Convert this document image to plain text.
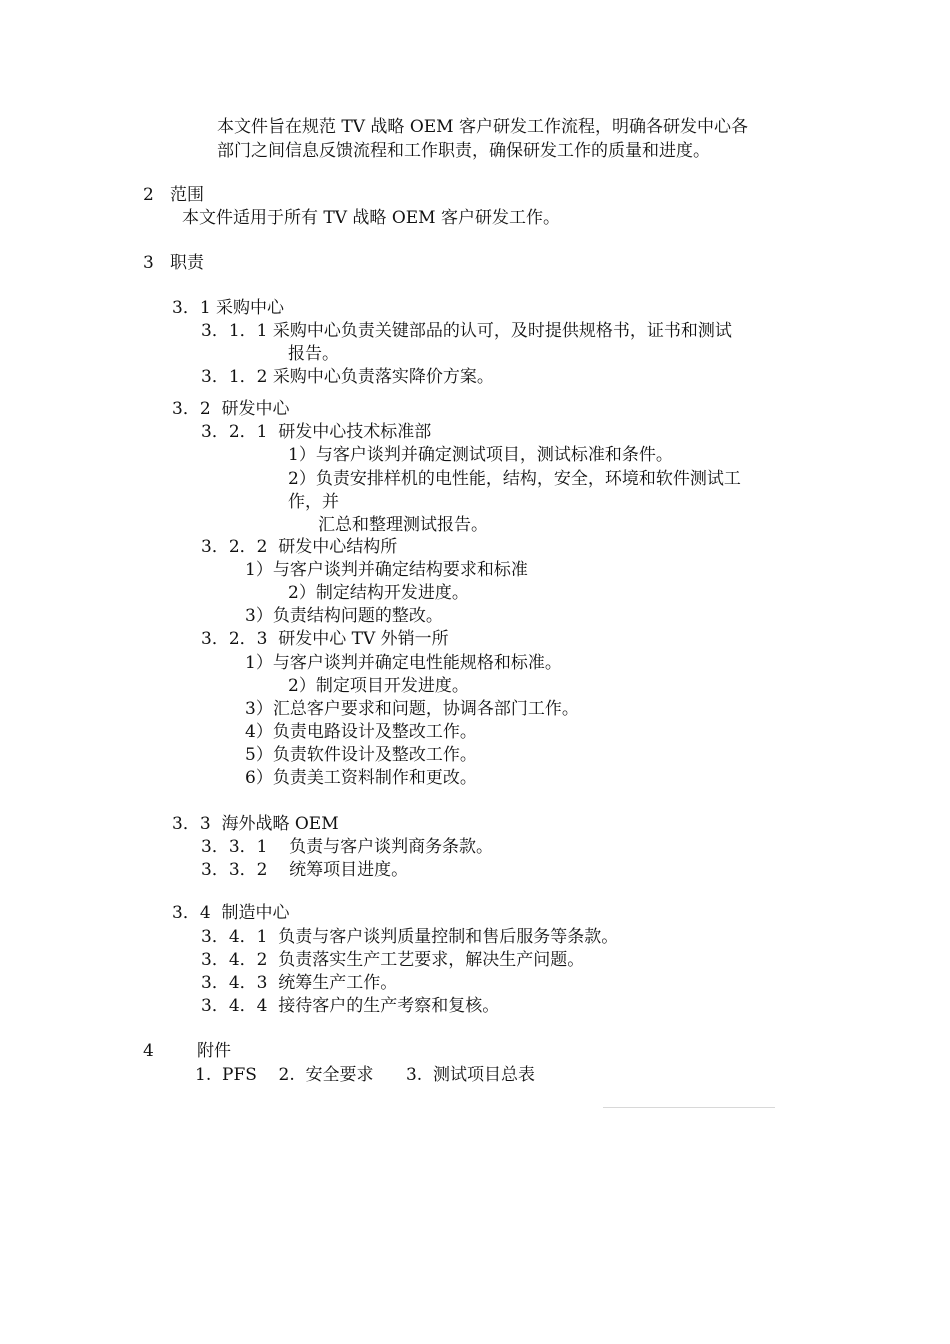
本文件旨在规范 TV 战略 OEM 客户研发工作流程，明确各研发中心各
部门之间信息反馈流程和工作职责，确保研发工作的质量和进度。
2   范围
本文件适用于所有 TV 战略 OEM 客户研发工作。
3   职责
3．1 采购中心
3．1．1 采购中心负责关键部品的认可，及时提供规格书，证书和测试
报告。
3．1．2 采购中心负责落实降价方案。
3．2  研发中心
3．2．1  研发中心技术标准部
1）与客户谈判并确定测试项目，测试标准和条件。
2）负责安排样机的电性能，结构，安全，环境和软件测试工
作，并
汇总和整理测试报告。
3．2．2  研发中心结构所
1）与客户谈判并确定结构要求和标准
2）制定结构开发进度。
3）负责结构问题的整改。
3．2．3  研发中心 TV 外销一所
1）与客户谈判并确定电性能规格和标准。
2）制定项目开发进度。
3）汇总客户要求和问题，协调各部门工作。
4）负责电路设计及整改工作。
5）负责软件设计及整改工作。
6）负责美工资料制作和更改。
3．3  海外战略 OEM
3．3．1    负责与客户谈判商务条款。
3．3．2    统筹项目进度。
3．4  制造中心
3．4．1  负责与客户谈判质量控制和售后服务等条款。
3．4．2  负责落实生产工艺要求，解决生产问题。
3．4．3  统筹生产工作。
3．4．4  接待客户的生产考察和复核。
4	附件
1.  PFS    2.  安全要求      3.  测试项目总表
